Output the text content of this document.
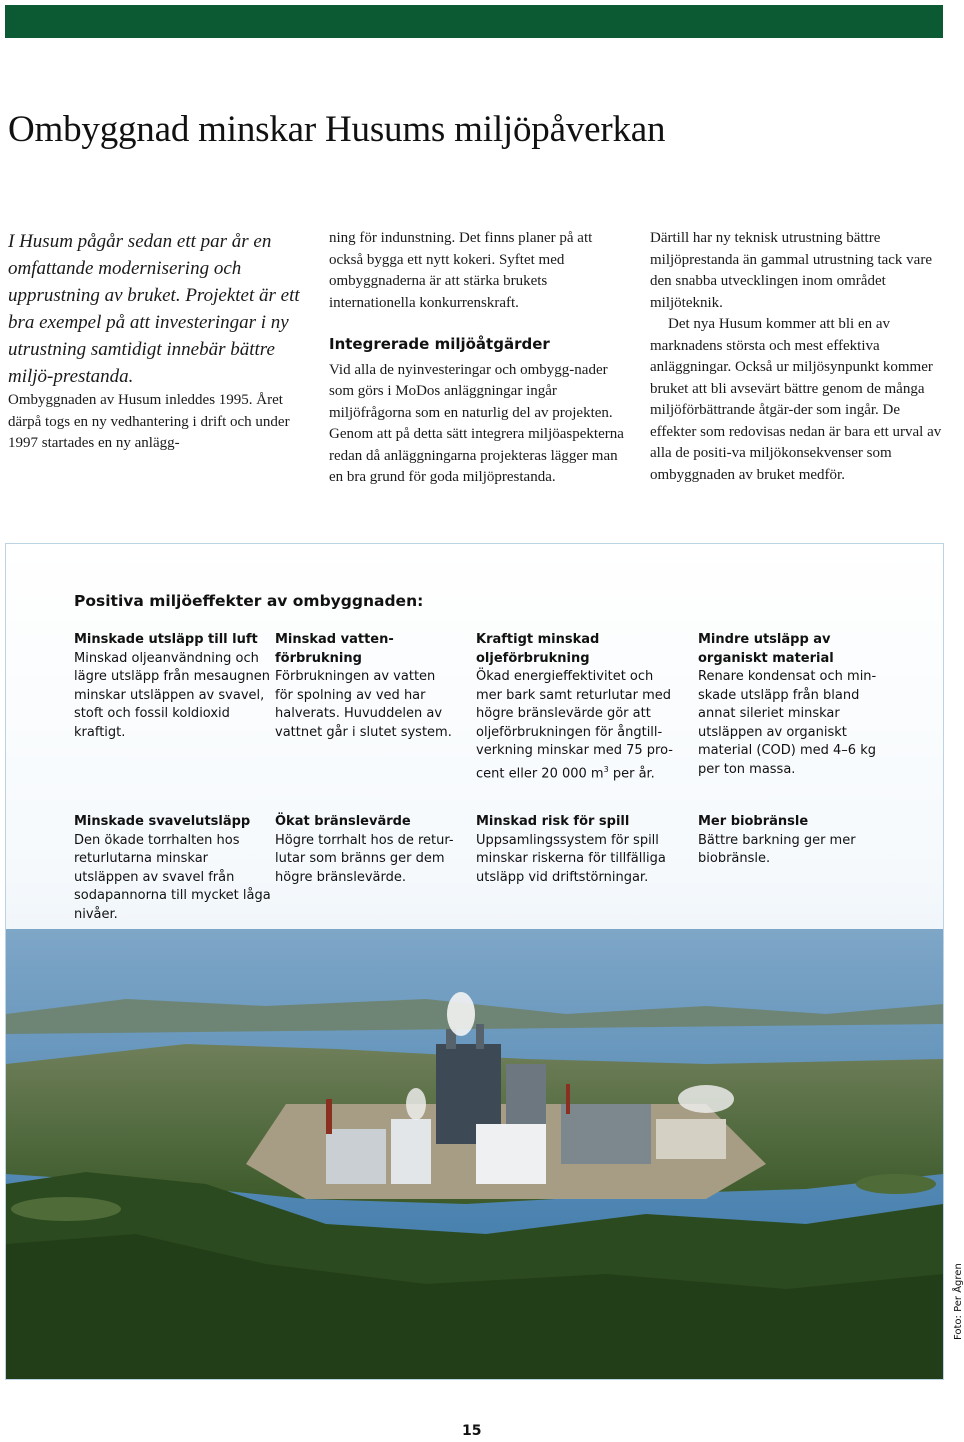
Ombyggnad minskar Husums miljöpåverkan

I Husum pågår sedan ett par år en omfattande modernisering och upprustning av bruket. Projektet är ett bra exempel på att investeringar i ny utrustning samtidigt innebär bättre miljö-prestanda.

Ombyggnaden av Husum inleddes 1995. Året därpå togs en ny vedhantering i drift och under 1997 startades en ny anlägg-

ning för indunstning. Det finns planer på att också bygga ett nytt kokeri. Syftet med ombyggnaderna är att stärka brukets internationella konkurrenskraft.

Integrerade miljöåtgärder

Vid alla de nyinvesteringar och ombygg-nader som görs i MoDos anläggningar ingår miljöfrågorna som en naturlig del av projekten. Genom att på detta sätt integrera miljöaspekterna redan då anläggningarna projekteras lägger man en bra grund för goda miljöprestanda.

Därtill har ny teknisk utrustning bättre miljöprestanda än gammal utrustning tack vare den snabba utvecklingen inom området miljöteknik.

Det nya Husum kommer att bli en av marknadens största och mest effektiva anläggningar. Också ur miljösynpunkt kommer bruket att bli avsevärt bättre genom de många miljöförbättrande åtgär-der som ingår. De effekter som redovisas nedan är bara ett urval av alla de positi-va miljökonsekvenser som ombyggnaden av bruket medför.

Positiva miljöeffekter av ombyggnaden:
Minskade utsläpp till luft
Minskad oljeanvändning och lägre utsläpp från mesaugnen minskar utsläppen av svavel, stoft och fossil koldioxid kraftigt.
Minskad vatten-förbrukning
Förbrukningen av vatten för spolning av ved har halverats. Huvuddelen av vattnet går i slutet system.
Kraftigt minskad oljeförbrukning
Ökad energieffektivitet och mer bark samt returlutar med högre bränslevärde gör att oljeförbrukningen för ångtill-verkning minskar med 75 pro-cent eller 20 000 $m^3$ per år.
Mindre utsläpp av organiskt material
Renare kondensat och min-skade utsläpp från bland annat sileriet minskar utsläppen av organiskt material (COD) med 4–6 kg per ton massa.
Minskade svavelutsläpp
Den ökade torrhalten hos returlutarna minskar utsläppen av svavel från sodapannorna till mycket låga nivåer.
Ökat bränslevärde
Högre torrhalt hos de retur-lutar som bränns ger dem högre bränslevärde.
Minskad risk för spill
Uppsamlingssystem för spill minskar riskerna för tillfälliga utsläpp vid driftstörningar.
Mer biobränsle
Bättre barkning ger mer biobränsle.
Foto: Per Ågren
15
